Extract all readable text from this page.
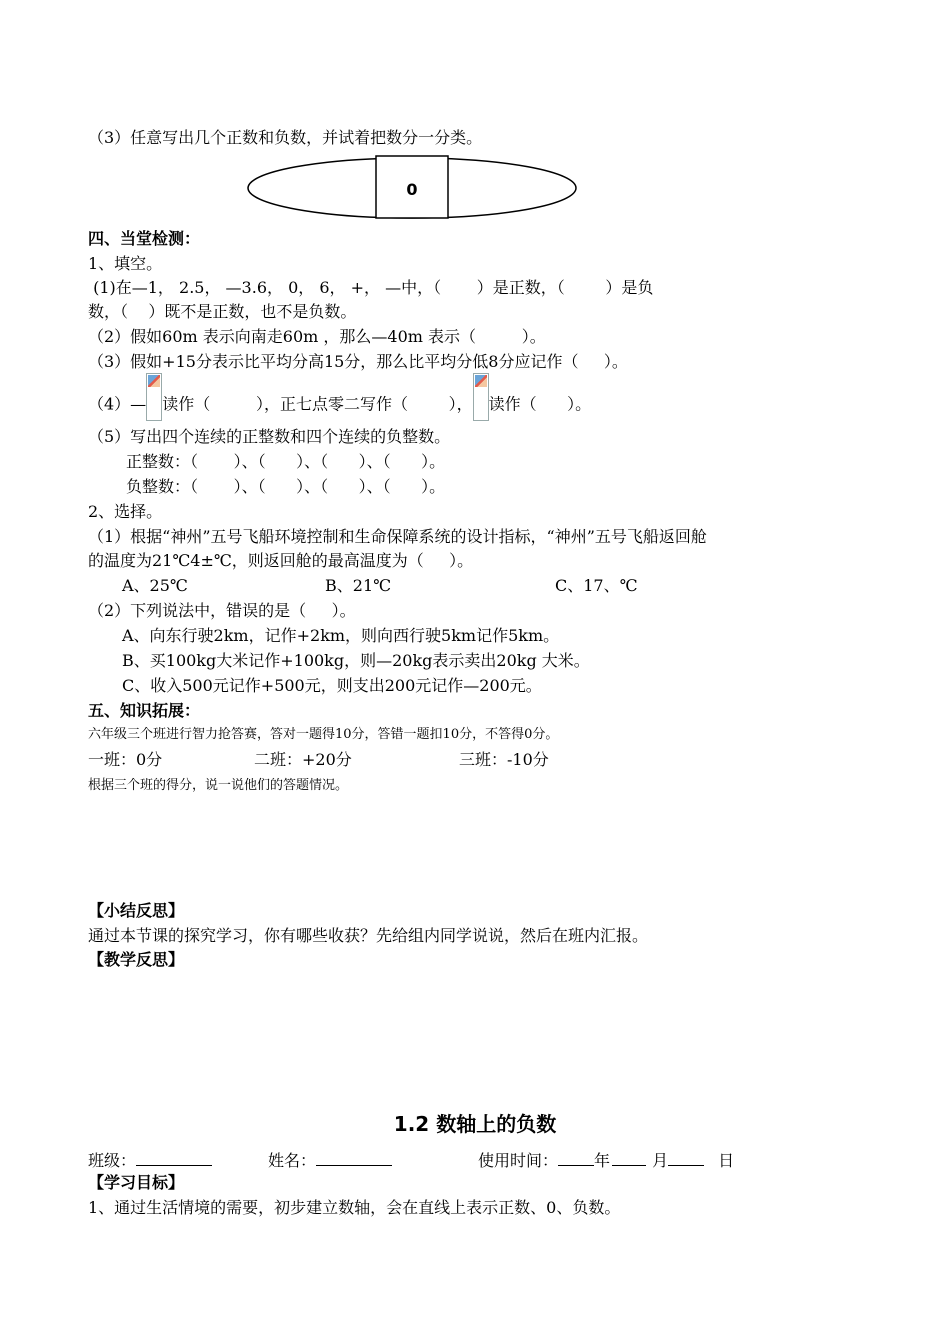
（3）任意写出几个正数和负数，并试着把数分一分类。
0
四、当堂检测：
1、填空。
(1)在—1， 2.5， —3.6， 0， 6， +， —中，（       ）是正数，（        ）是负
数，（    ）既不是正数，也不是负数。
（2）假如60m 表示向南走60m ，那么—40m 表示（         ）。
（3）假如+15分表示比平均分高15分，那么比平均分低8分应记作（     ）。
（4）— 读作（         ），正七点零二写作（        ）， 读作（      ）。
（5）写出四个连续的正整数和四个连续的负整数。
正整数：（       ）、（      ）、（      ）、（      ）。
负整数：（       ）、（      ）、（      ）、（      ）。
2、选择。
（1）根据“神州”五号飞船环境控制和生命保障系统的设计指标，“神州”五号飞船返回舱
的温度为21℃4±℃，则返回舱的最高温度为（     ）。
A、25℃	B、21℃	C、17、℃
（2）下列说法中，错误的是（     ）。
A、向东行驶2km，记作+2km，则向西行驶5km记作5km。
B、买100kg大米记作+100kg，则—20kg表示卖出20kg 大米。
C、收入500元记作+500元，则支出200元记作—200元。
五、知识拓展：
六年级三个班进行智力抢答赛，答对一题得10分，答错一题扣10分，不答得0分。
一班：0分	二班：+20分	三班：-10分
根据三个班的得分，说一说他们的答题情况。
【小结反思】
通过本节课的探究学习，你有哪些收获？先给组内同学说说，然后在班内汇报。
【教学反思】
1.2 数轴上的负数
班级：	姓名：	使用时间： 年	月	日
【学习目标】
1、通过生活情境的需要，初步建立数轴，会在直线上表示正数、0、负数。
